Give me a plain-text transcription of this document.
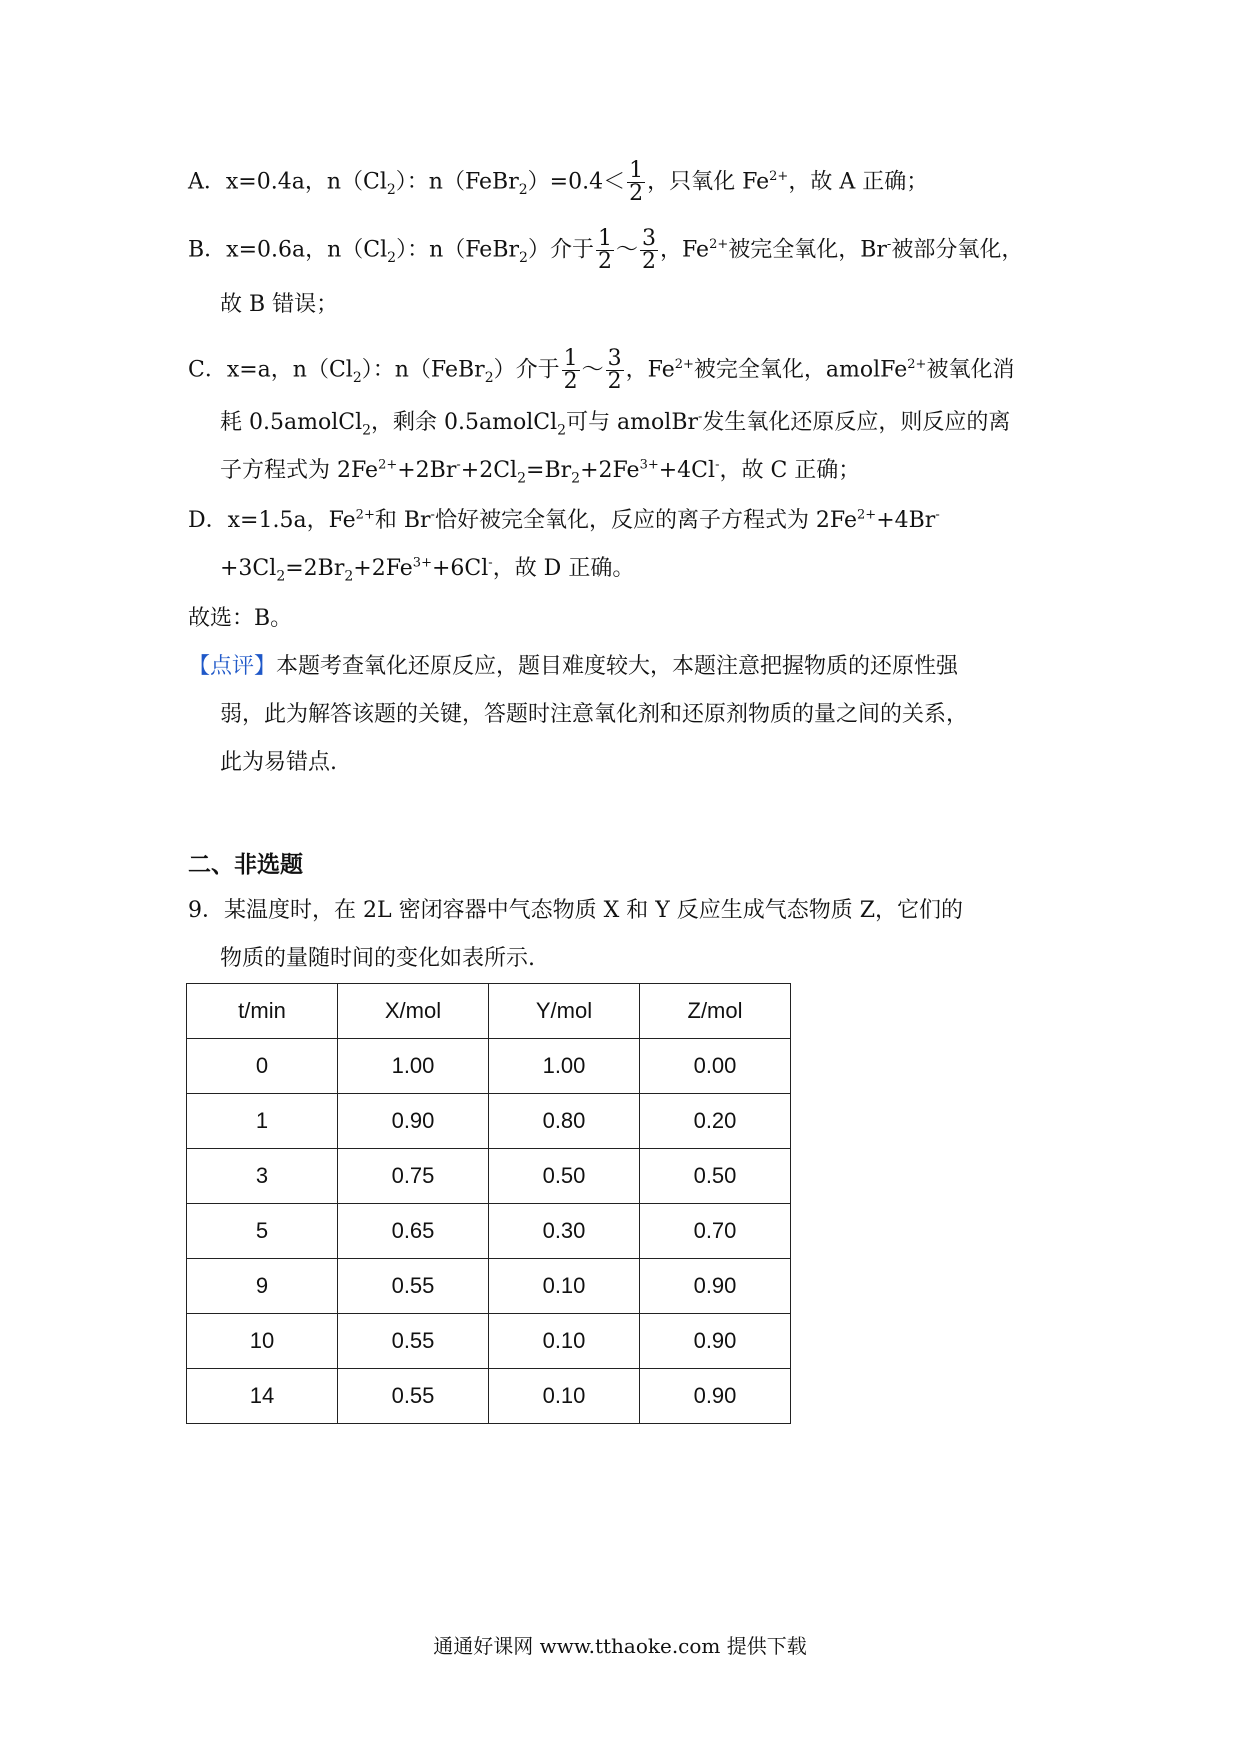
A．x=0.4a，$n(Cl_2)$：n（FeBr$_2$）=0.4＜ $\frac{1}{2}$ ，只氧化 $Fe^{2+}$，故 A 正确；
B．x=0.6a，$n(Cl_2)$：n（FeBr$_2$）介于 $\frac{1}{2}$ ～ $\frac{3}{2}$ ，$Fe^{2+}$被完全氧化，Br-被部分氧化，
故 B 错误；
C．x=a，$n(Cl_2)$：n（FeBr$_2$）介于 $\frac{1}{2}$ ～ $\frac{3}{2}$ ，$Fe^{2+}$被完全氧化，amolFe$^{2+}$被氧化消
耗 0.5amolCl$_2$，剩余 0.5amolCl$_2$可与 amolBr-发生氧化还原反应，则反应的离
子方程式为 $2Fe^{2+}+2Br^-+2Cl_2=Br_2+2Fe^{3+}+4Cl^-$，故 C 正确；
D．x=1.5a，$Fe^{2+}$和 Br-恰好被完全氧化，反应的离子方程式为 $2Fe^{2+}+4Br^-$
$+3Cl_2=2Br_2+2Fe^{3+}+6Cl^-$，故 D 正确。
故选：B。
【点评】本题考查氧化还原反应，题目难度较大，本题注意把握物质的还原性强
弱，此为解答该题的关键，答题时注意氧化剂和还原剂物质的量之间的关系，
此为易错点.
二、非选题
9．某温度时，在 2L 密闭容器中气态物质 X 和 Y 反应生成气态物质 Z，它们的
物质的量随时间的变化如表所示.
t/min	X/mol	Y/mol	Z/mol
0	1.00	1.00	0.00
1	0.90	0.80	0.20
3	0.75	0.50	0.50
5	0.65	0.30	0.70
9	0.55	0.10	0.90
10	0.55	0.10	0.90
14	0.55	0.10	0.90
通通好课网 www.tthaoke.com 提供下载
